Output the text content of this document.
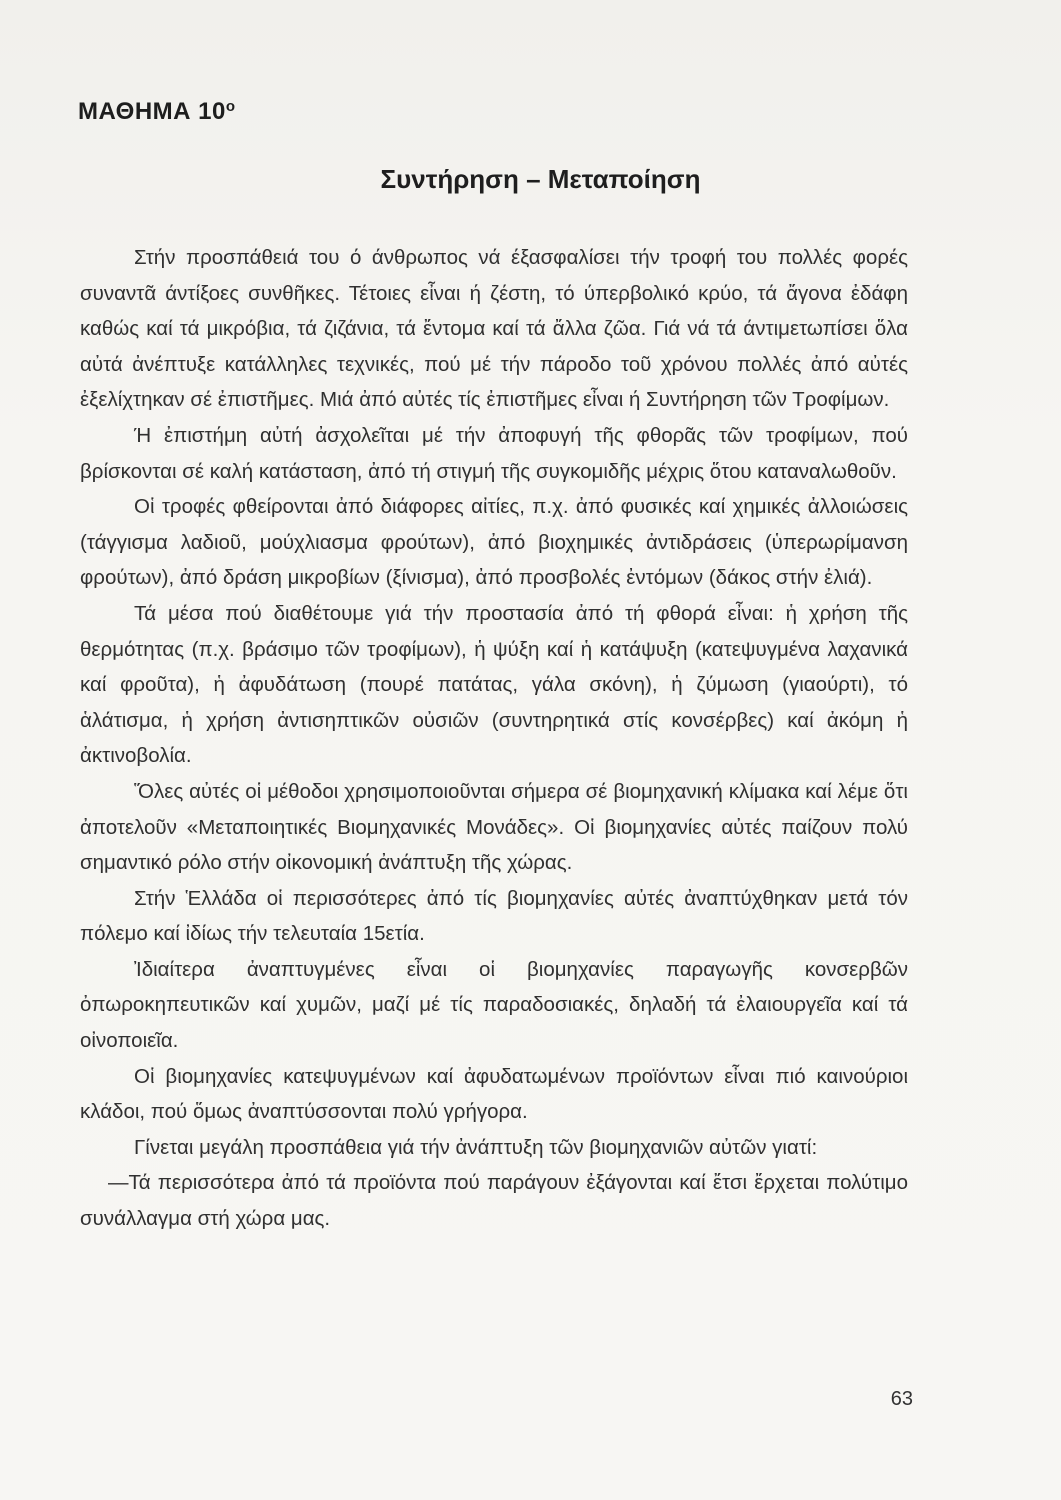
ΜΑΘΗΜΑ $10^o$
Συντήρηση – Μεταποίηση

Στήν προσπάθειά του ό άνθρωπος νά έξασφαλίσει τήν τροφή του πολλές φορές συναντᾶ άντίξοες συνθῆκες. Τέτοιες εἶναι ή ζέστη, τό ύπερβολικό κρύο, τά ἄγονα ἐδάφη καθώς καί τά μικρόβια, τά ζιζάνια, τά ἔντομα καί τά ἄλλα ζῶα. Γιά νά τά άντιμετωπίσει ὅλα αὐτά ἀνέπτυξε κατάλληλες τεχνικές, πού μέ τήν πάροδο τοῦ χρόνου πολλές ἀπό αὐτές ἐξελίχτηκαν σέ ἐπιστῆμες. Μιά ἀπό αὐτές τίς ἐπιστῆμες εἶναι ή Συντήρηση τῶν Τροφίμων.

Ή ἐπιστήμη αὐτή ἀσχολεῖται μέ τήν ἀποφυγή τῆς φθορᾶς τῶν τροφίμων, πού βρίσκονται σέ καλή κατάσταση, ἀπό τή στιγμή τῆς συγκομιδῆς μέχρις ὅτου καταναλωθοῦν.

Οἱ τροφές φθείρονται ἀπό διάφορες αἰτίες, π.χ. ἀπό φυσικές καί χημικές ἀλλοιώσεις (τάγγισμα λαδιοῦ, μούχλιασμα φρούτων), ἀπό βιοχημικές ἀντιδράσεις (ὑπερωρίμανση φρούτων), ἀπό δράση μικροβίων (ξίνισμα), ἀπό προσβολές ἐντόμων (δάκος στήν ἐλιά).

Τά μέσα πού διαθέτουμε γιά τήν προστασία ἀπό τή φθορά εἶναι: ἡ χρήση τῆς θερμότητας (π.χ. βράσιμο τῶν τροφίμων), ἡ ψύξη καί ἡ κατάψυξη (κατεψυγμένα λαχανικά καί φροῦτα), ἡ ἀφυδάτωση (πουρέ πατάτας, γάλα σκόνη), ἡ ζύμωση (γιαούρτι), τό ἁλάτισμα, ἡ χρήση ἀντισηπτικῶν οὐσιῶν (συντηρητικά στίς κονσέρβες) καί ἀκόμη ἡ ἀκτινοβολία.

Ὅλες αὐτές οἱ μέθοδοι χρησιμοποιοῦνται σήμερα σέ βιομηχανική κλίμακα καί λέμε ὅτι ἀποτελοῦν «Μεταποιητικές Βιομηχανικές Μονάδες». Οἱ βιομηχανίες αὐτές παίζουν πολύ σημαντικό ρόλο στήν οἰκονομική ἀνάπτυξη τῆς χώρας.

Στήν Ἑλλάδα οἱ περισσότερες ἀπό τίς βιομηχανίες αὐτές ἀναπτύχθηκαν μετά τόν πόλεμο καί ἰδίως τήν τελευταία 15ετία.

Ἰδιαίτερα ἀναπτυγμένες εἶναι οἱ βιομηχανίες παραγωγῆς κονσερβῶν ὀπωροκηπευτικῶν καί χυμῶν, μαζί μέ τίς παραδοσιακές, δηλαδή τά ἐλαιουργεῖα καί τά οἰνοποιεῖα.

Οἱ βιομηχανίες κατεψυγμένων καί ἀφυδατωμένων προϊόντων εἶναι πιό καινούριοι κλάδοι, πού ὅμως ἀναπτύσσονται πολύ γρήγορα.

Γίνεται μεγάλη προσπάθεια γιά τήν ἀνάπτυξη τῶν βιομηχανιῶν αὐτῶν γιατί:

—Τά περισσότερα ἀπό τά προϊόντα πού παράγουν ἐξάγονται καί ἔτσι ἔρχεται πολύτιμο συνάλλαγμα στή χώρα μας.

63
